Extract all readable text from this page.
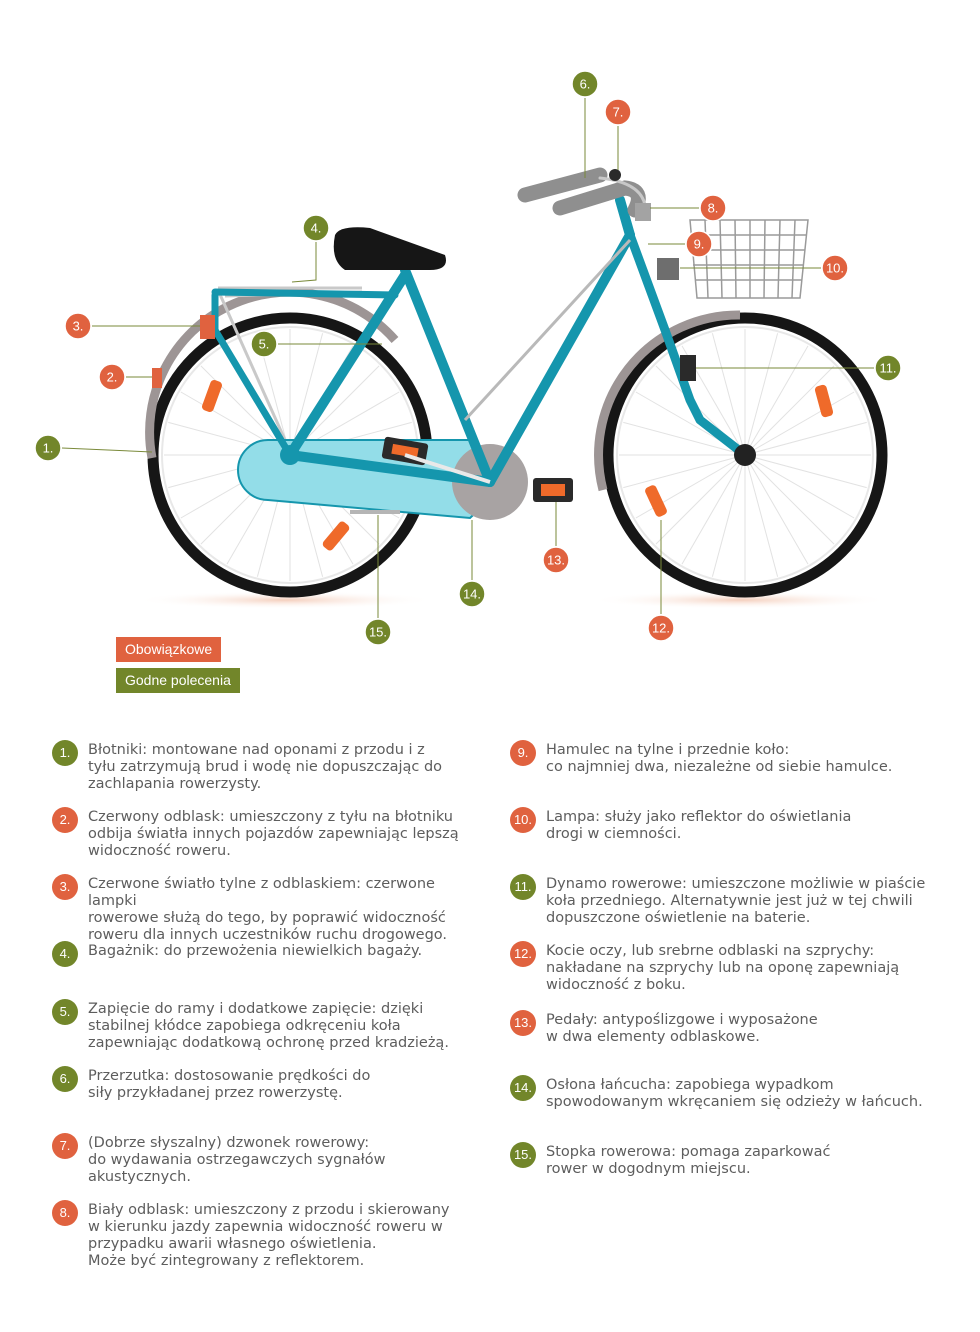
1.
2.
3.
4.
5.
6.
7.
8.
9.
10.
11.
12.
13.
14.
15.
Obowiązkowe
Godne polecenia
1.	Błotniki: montowane nad oponami z przodu i z
tyłu zatrzymują brud i wodę nie dopuszczając do
zachlapania rowerzysty.
2.	Czerwony odblask: umieszczony z tyłu na błotniku
odbija światła innych pojazdów zapewniając lepszą
widoczność roweru.
3.	Czerwone światło tylne z odblaskiem: czerwone lampki
rowerowe służą do tego, by poprawić widoczność
roweru dla innych uczestników ruchu drogowego.
4.	Bagażnik: do przewożenia niewielkich bagaży.
5.	Zapięcie do ramy i dodatkowe zapięcie: dzięki
stabilnej kłódce zapobiega odkręceniu koła
zapewniając dodatkową ochronę przed kradzieżą.
6.	Przerzutka: dostosowanie prędkości do
siły przykładanej przez rowerzystę.
7.	(Dobrze słyszalny) dzwonek rowerowy:
do wydawania ostrzegawczych sygnałów
akustycznych.
8.	Biały odblask: umieszczony z przodu i skierowany
w kierunku jazdy zapewnia widoczność roweru w
przypadku awarii własnego oświetlenia.
Może być zintegrowany z reflektorem.
9.	Hamulec na tylne i przednie koło:
co najmniej dwa, niezależne od siebie hamulce.
10. Lampa: służy jako reflektor do oświetlania
drogi w ciemności.
11. Dynamo rowerowe: umieszczone możliwie w piaście
koła przedniego. Alternatywnie jest już w tej chwili
dopuszczone oświetlenie na baterie.
12. Kocie oczy, lub srebrne odblaski na szprychy:
nakładane na szprychy lub na oponę zapewniają
widoczność z boku.
13. Pedały: antypoślizgowe i wyposażone
w dwa elementy odblaskowe.
14. Osłona łańcucha: zapobiega wypadkom
spowodowanym wkręcaniem się odzieży w łańcuch.
15. Stopka rowerowa: pomaga zaparkować
rower w dogodnym miejscu.
